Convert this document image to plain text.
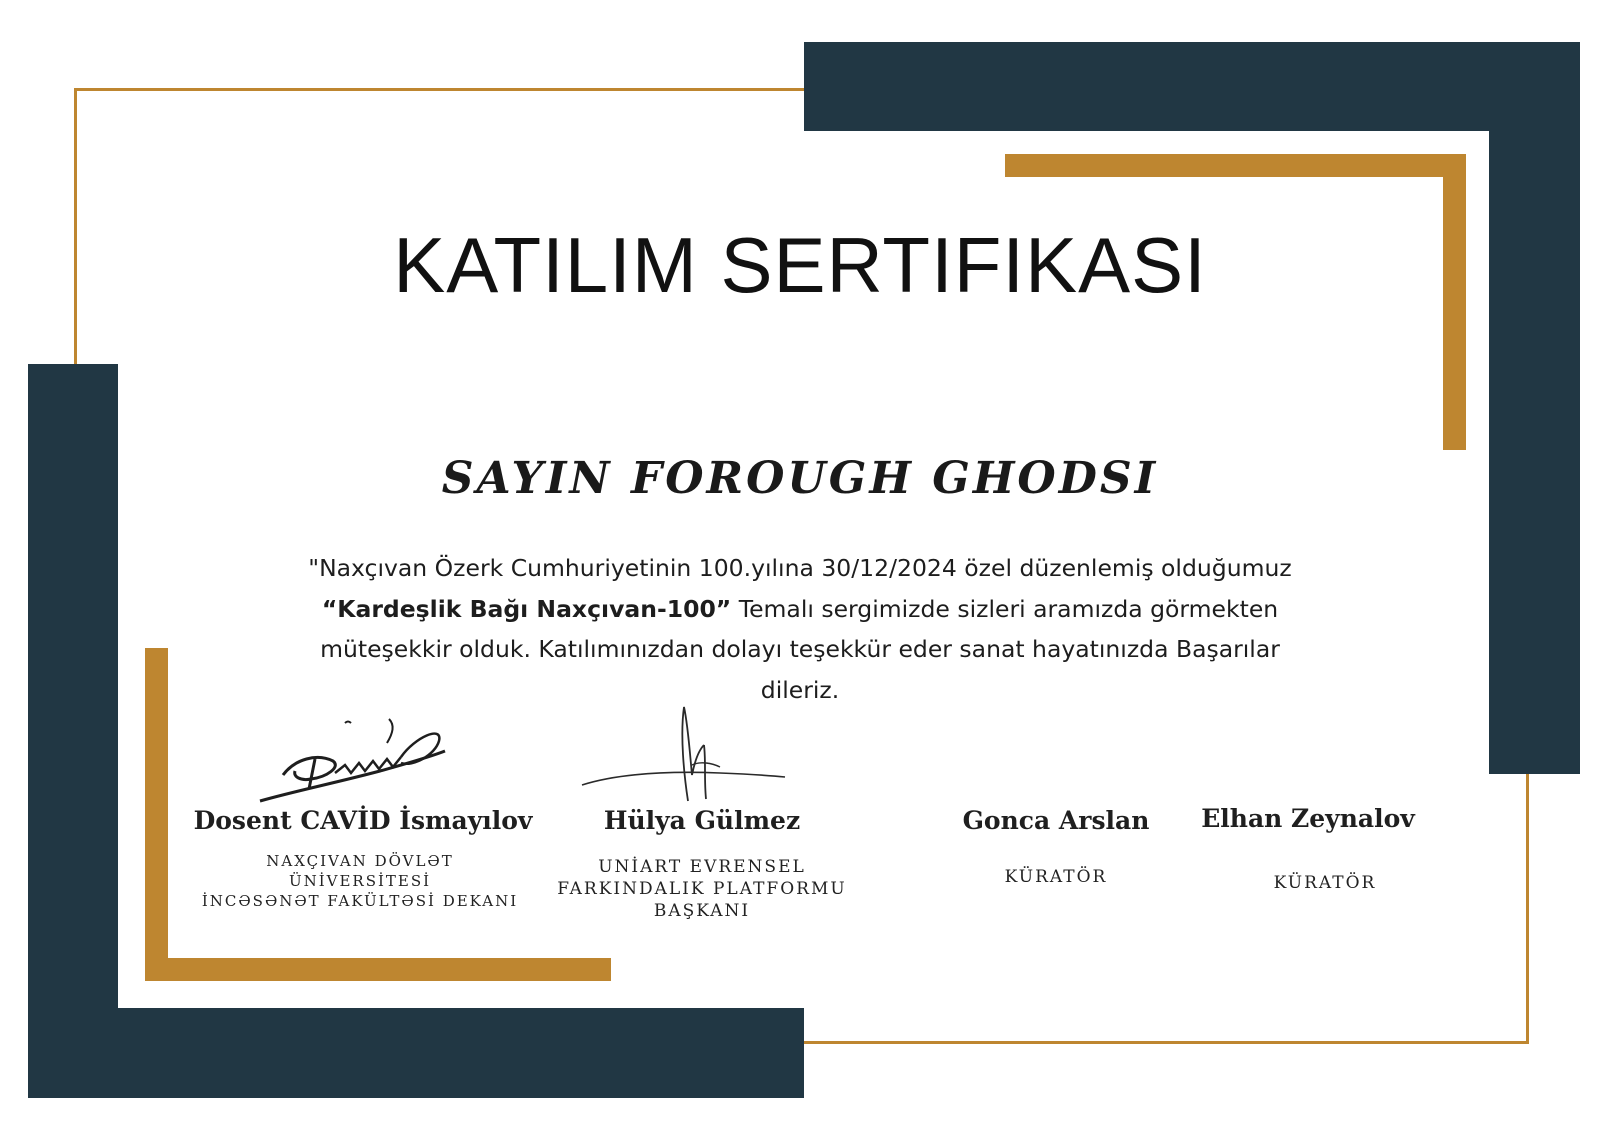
KATILIM SERTIFIKASI
SAYIN FOROUGH GHODSI
"Naxçıvan Özerk Cumhuriyetinin 100.yılına 30/12/2024 özel düzenlemiş olduğumuz “Kardeşlik Bağı Naxçıvan-100” Temalı sergimizde sizleri aramızda görmekten müteşekkir olduk. Katılımınızdan dolayı teşekkür eder sanat hayatınızda Başarılar dileriz.
Dosent CAVİD İsmayılov	Hülya Gülmez	Gonca Arslan	Elhan Zeynalov
NAXÇIVAN DÖVLƏT
ÜNİVERSİTESİ
İNCƏSƏNƏT FAKÜLTƏSİ DEKANI
UNİART EVRENSEL
FARKINDALIK PLATFORMU
BAŞKANI
KÜRATÖR	KÜRATÖR
